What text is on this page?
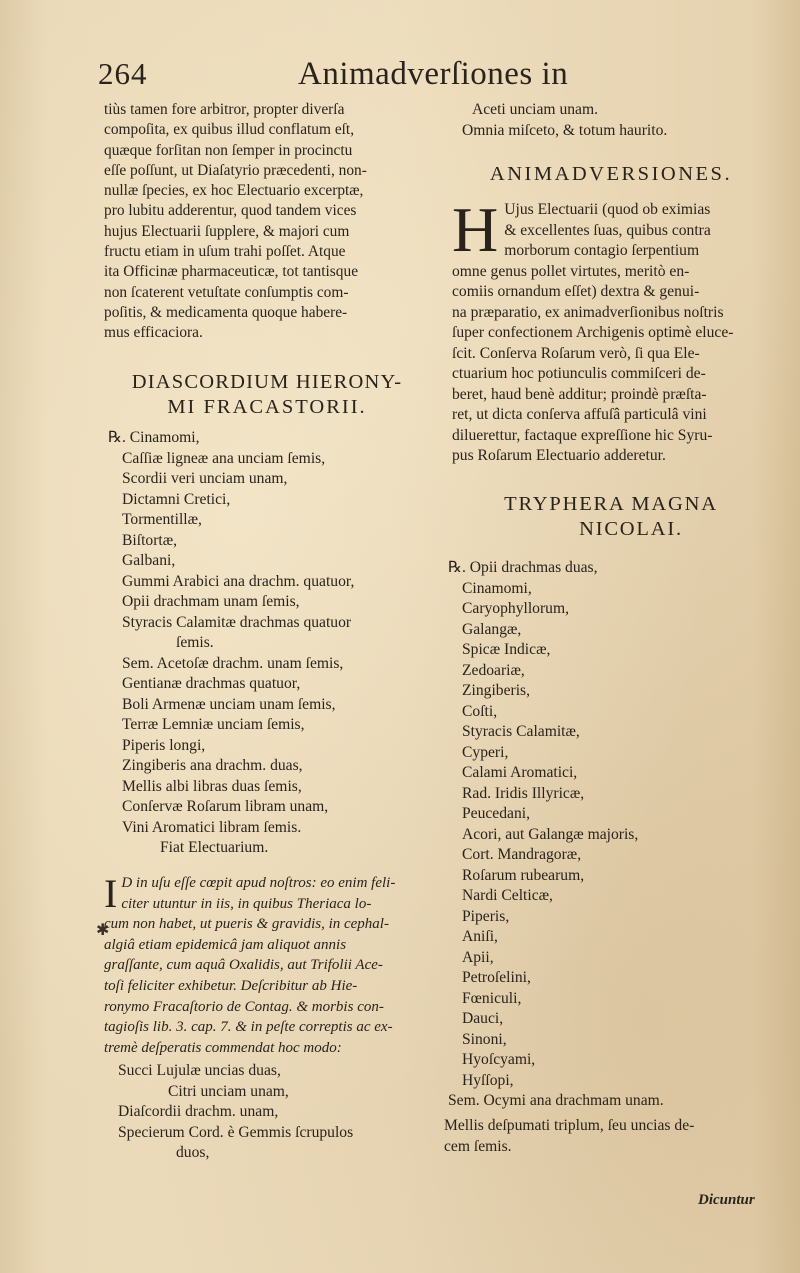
264	Animadverſiones in

tiùs tamen fore arbitror, propter diverſa
compoſita, ex quibus illud conflatum eſt,
quæque forſitan non ſemper in procinctu
eſſe poſſunt, ut Diaſatyrio præcedenti, non-
nullæ ſpecies, ex hoc Electuario excerptæ,
pro lubitu adderentur, quod tandem vices
hujus Electuarii ſupplere, & majori cum
fructu etiam in uſum trahi poſſet. Atque
ita Officinæ pharmaceuticæ, tot tantisque
non ſcaterent vetuſtate conſumptis com-
poſitis, & medicamenta quoque habere-
mus efficaciora.

DIASCORDIUM HIERONY-
MI FRACASTORII.
℞. Cinamomi,
Caſſiæ ligneæ ana unciam ſemis,
Scordii veri unciam unam,
Dictamni Cretici,
Tormentillæ,
Biſtortæ,
Galbani,
Gummi Arabici ana drachm. quatuor,
Opii drachmam unam ſemis,
Styracis Calamitæ drachmas quatuor
ſemis.
Sem. Acetoſæ drachm. unam ſemis,
Gentianæ drachmas quatuor,
Boli Armenæ unciam unam ſemis,
Terræ Lemniæ unciam ſemis,
Piperis longi,
Zingiberis ana drachm. duas,
Mellis albi libras duas ſemis,
Conſervæ Roſarum libram unam,
Vini Aromatici libram ſemis.
Fiat Electuarium.
I D in uſu eſſe cœpit apud noſtros: eo enim feli-
citer utuntur in iis, in quibus Theriaca lo-
cum non habet, ut pueris & gravidis, in cephal-
algiâ etiam epidemicâ jam aliquot annis
graſſante, cum aquâ Oxalidis, aut Trifolii Ace-
toſi feliciter exhibetur. Deſcribitur ab Hie-
ronymo Fracaſtorio de Contag. & morbis con-
tagioſis lib. 3. cap. 7. & in peſte correptis ac ex-
tremè deſperatis commendat hoc modo:
Succi Lujulæ uncias duas,
Citri unciam unam,
Diaſcordii drachm. unam,
Specierum Cord. è Gemmis ſcrupulos
duos,
Aceti unciam unam.
Omnia miſceto, & totum haurito.
ANIMADVERSIONES.
H Ujus Electuarii (quod ob eximias
& excellentes ſuas, quibus contra
morborum contagio ſerpentium
omne genus pollet virtutes, meritò en-
comiis ornandum eſſet) dextra & genui-
na præparatio, ex animadverſionibus noſtris
ſuper confectionem Archigenis optimè eluce-
ſcit. Conſerva Roſarum verò, ſi qua Ele-
ctuarium hoc potiunculis commiſceri de-
beret, haud benè additur; proindè præſta-
ret, ut dicta conſerva affuſâ particulâ vini
diluerettur, factaque expreſſione hic Syru-
pus Roſarum Electuario adderetur.
TRYPHERA MAGNA
NICOLAI.
℞. Opii drachmas duas,
Cinamomi,
Caryophyllorum,
Galangæ,
Spicæ Indicæ,
Zedoariæ,
Zingiberis,
Coſti,
Styracis Calamitæ,
Cyperi,
Calami Aromatici,
Rad. Iridis Illyricæ,
Peucedani,
Acori, aut Galangæ majoris,
Cort. Mandragoræ,
Roſarum rubearum,
Nardi Celticæ,
Piperis,
Aniſi,
Apii,
Petroſelini,
Fœniculi,
Dauci,
Sinoni,
Hyoſcyami,
Hyſſopi,
Sem. Ocymi ana drachmam unam.
Mellis deſpumati triplum, ſeu uncias de-
cem ſemis.
Dicuntur
✱
